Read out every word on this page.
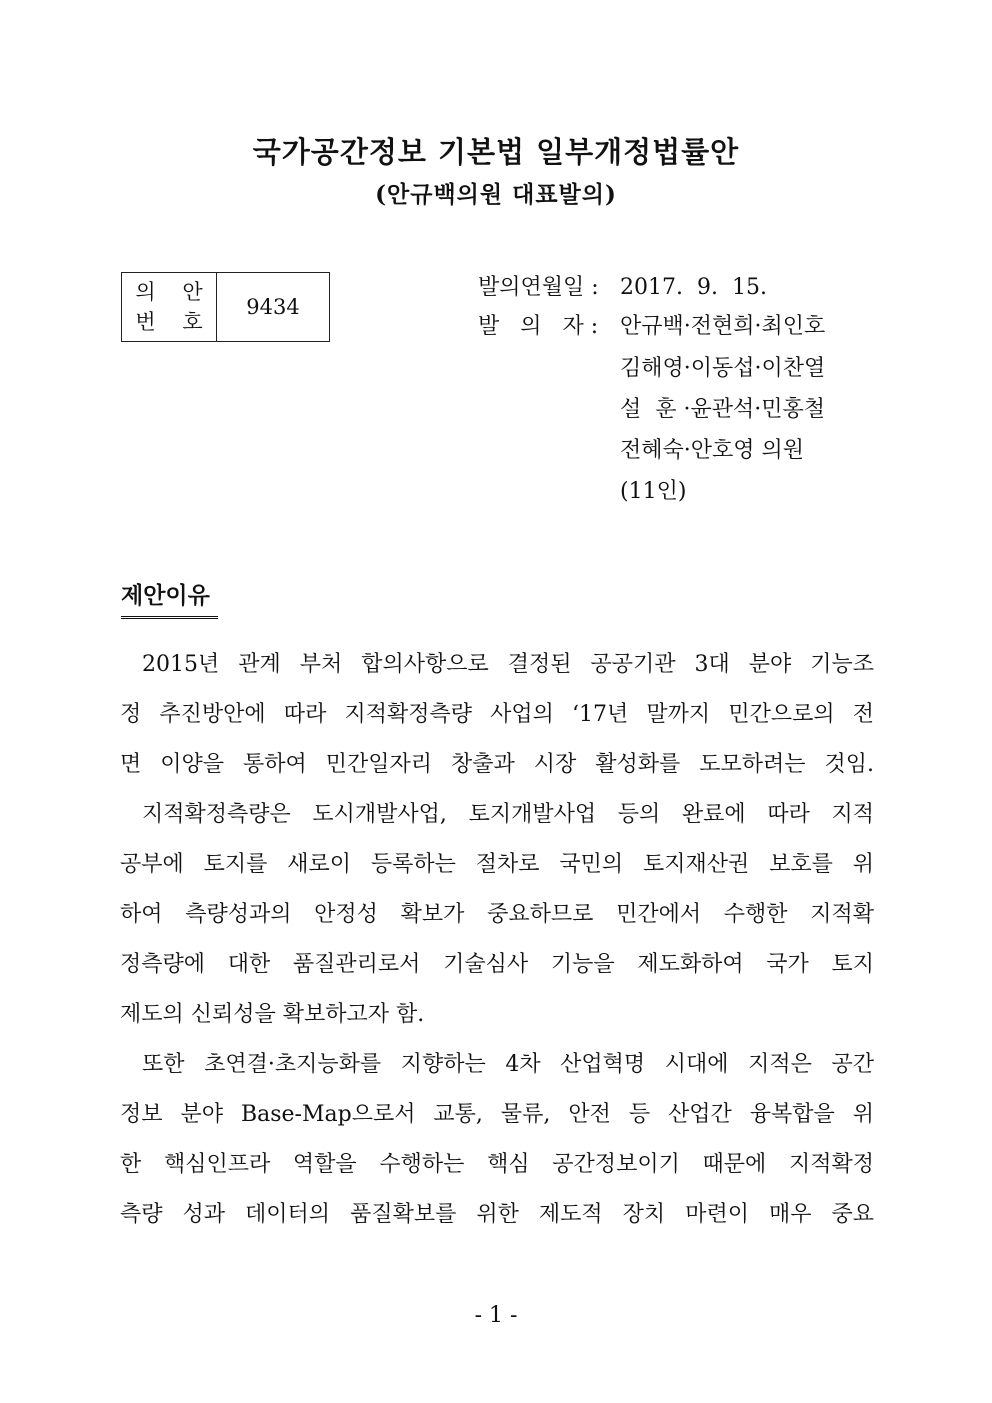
국가공간정보 기본법 일부개정법률안
(안규백의원 대표발의)
의 안
번 호
9434
발의연월일 : 2017.  9.  15.
발   의   자 : 안규백·전현희·최인호
김해영·이동섭·이찬열
설  훈 ·윤관석·민홍철
전혜숙·안호영 의원
(11인)
제안이유
2015년 관계 부처 합의사항으로 결정된 공공기관 3대 분야 기능조
정 추진방안에 따라 지적확정측량 사업의 ‘17년 말까지 민간으로의 전
면 이양을 통하여 민간일자리 창출과 시장 활성화를 도모하려는 것임.
지적확정측량은 도시개발사업, 토지개발사업 등의 완료에 따라 지적
공부에 토지를 새로이 등록하는 절차로 국민의 토지재산권 보호를 위
하여 측량성과의 안정성 확보가 중요하므로 민간에서 수행한 지적확
정측량에 대한 품질관리로서 기술심사 기능을 제도화하여 국가 토지
제도의 신뢰성을 확보하고자 함.
또한 초연결·초지능화를 지향하는 4차 산업혁명 시대에 지적은 공간
정보 분야 Base-Map으로서 교통, 물류, 안전 등 산업간 융복합을 위
한 핵심인프라 역할을 수행하는 핵심 공간정보이기 때문에 지적확정
측량 성과 데이터의 품질확보를 위한 제도적 장치 마련이 매우 중요
- 1 -
